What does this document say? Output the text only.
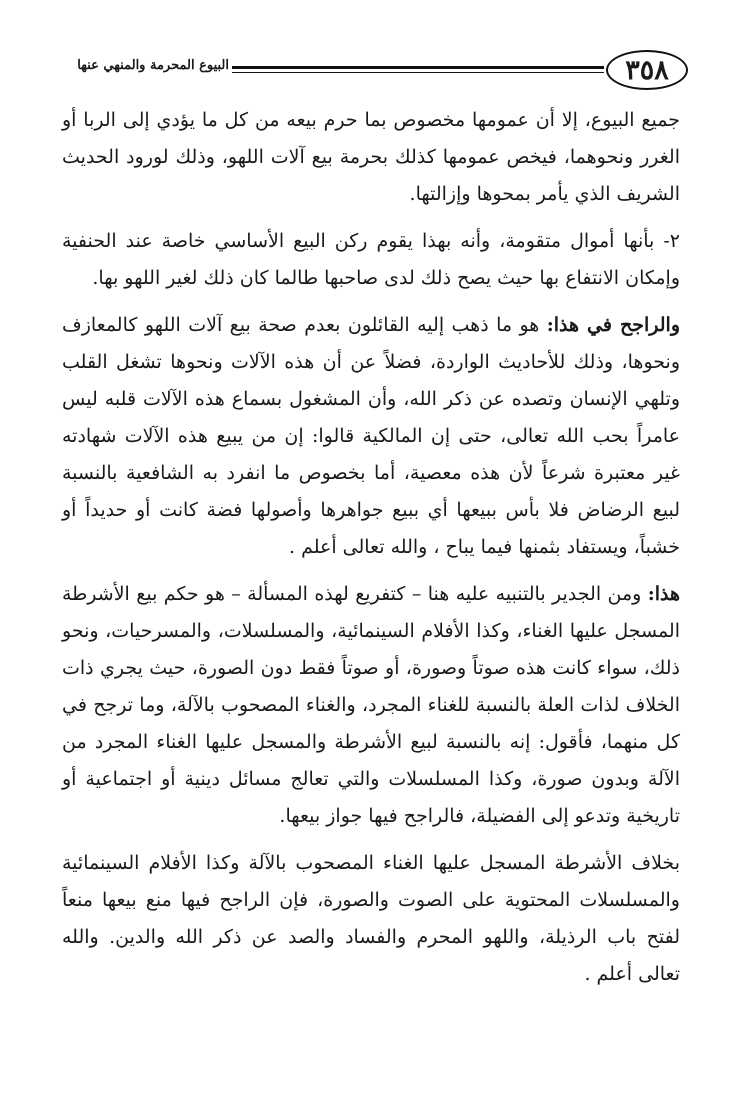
٣٥٨
البيوع المحرمة والمنهي عنها

جميع البيوع، إلا أن عمومها مخصوص بما حرم بيعه من كل ما يؤدي إلى الربا أو الغرر ونحوهما، فيخص عمومها كذلك بحرمة بيع آلات اللهو، وذلك لورود الحديث الشريف الذي يأمر بمحوها وإزالتها.

٢- بأنها أموال متقومة، وأنه بهذا يقوم ركن البيع الأساسي خاصة عند الحنفية وإمكان الانتفاع بها حيث يصح ذلك لدى صاحبها طالما كان ذلك لغير اللهو بها.

والراجح في هذا: هو ما ذهب إليه القائلون بعدم صحة بيع آلات اللهو كالمعازف ونحوها، وذلك للأحاديث الواردة، فضلاً عن أن هذه الآلات ونحوها تشغل القلب وتلهي الإنسان وتصده عن ذكر الله، وأن المشغول بسماع هذه الآلات قلبه ليس عامراً بحب الله تعالى، حتى إن المالكية قالوا: إن من يبيع هذه الآلات شهادته غير معتبرة شرعاً لأن هذه معصية، أما بخصوص ما انفرد به الشافعية بالنسبة لبيع الرضاض فلا بأس ببيعها أي ببيع جواهرها وأصولها فضة كانت أو حديداً أو خشباً، ويستفاد بثمنها فيما يباح ، والله تعالى أعلم .

هذا: ومن الجدير بالتنبيه عليه هنا – كتفريع لهذه المسألة – هو حكم بيع الأشرطة المسجل عليها الغناء، وكذا الأفلام السينمائية، والمسلسلات، والمسرحيات، ونحو ذلك، سواء كانت هذه صوتاً وصورة، أو صوتاً فقط دون الصورة، حيث يجري ذات الخلاف لذات العلة بالنسبة للغناء المجرد، والغناء المصحوب بالآلة، وما ترجح في كل منهما، فأقول: إنه بالنسبة لبيع الأشرطة والمسجل عليها الغناء المجرد من الآلة وبدون صورة، وكذا المسلسلات والتي تعالج مسائل دينية أو اجتماعية أو تاريخية وتدعو إلى الفضيلة، فالراجح فيها جواز بيعها.

بخلاف الأشرطة المسجل عليها الغناء المصحوب بالآلة وكذا الأفلام السينمائية والمسلسلات المحتوية على الصوت والصورة، فإن الراجح فيها منع بيعها منعاً لفتح باب الرذيلة، واللهو المحرم والفساد والصد عن ذكر الله والدين. والله تعالى أعلم .
